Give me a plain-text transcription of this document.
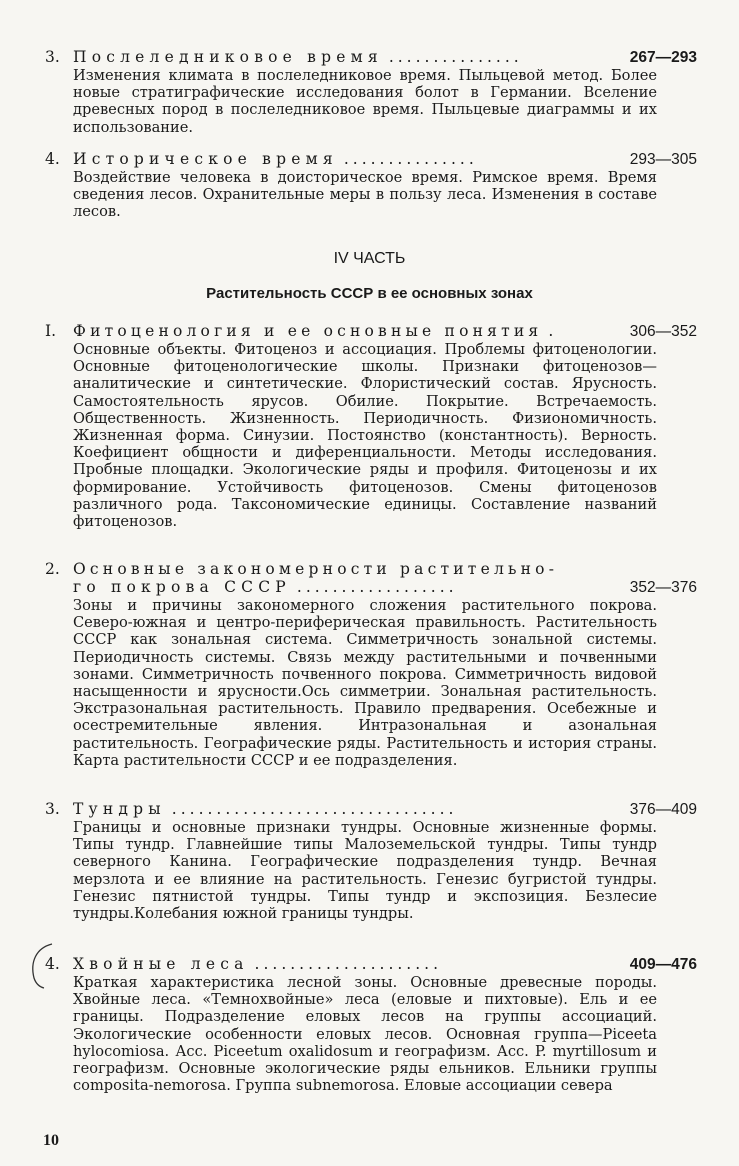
3. Послеледниковое время ...............	267—293

Изменения климата в послеледниковое время. Пыльцевой метод. Более новые стратиграфические исследования болот в Германии. Вселение древесных пород в послеледниковое время. Пыльцевые диаграммы и их использование.

4. Историческое время ...............	293—305

Воздействие человека в доисторическое время. Римское время. Время сведения лесов. Охранительные меры в пользу леса. Изменения в составе лесов.

IV ЧАСТЬ
Растительность СССР в ее основных зонах
I.	Фитоценология и ее основные понятия .	306—352

Основные объекты. Фитоценоз и ассоциация. Проблемы фитоценологии. Основные фитоценологические школы. Признаки фитоценозов—аналитические и синтетические. Флористический состав. Ярусность. Самостоятельность ярусов. Обилие. Покрытие. Встречаемость. Общественность. Жизненность. Периодичность. Физиономичность. Жизненная форма. Синузии. Постоянство (константность). Верность. Коефициент общности и диференциальности. Методы исследования. Пробные площадки. Экологические ряды и профиля. Фитоценозы и их формирование. Устойчивость фитоценозов. Смены фитоценозов различного рода. Таксономические единицы. Составление названий фитоценозов.

2. Основные закономерности растительно-
го покрова СССР ..................	352—376

Зоны и причины закономерного сложения растительного покрова. Северо-южная и центро-периферическая правильность. Растительность СССР как зональная система. Симметричность зональной системы. Периодичность системы. Связь между растительными и почвенными зонами. Симметричность почвенного покрова. Симметричность видовой насыщенности и ярусности.Ось симметрии. Зональная растительность. Экстразональная растительность. Правило предварения. Осебежные и осестремительные явления. Интразональная и азональная растительность. Географические ряды. Растительность и история страны. Карта растительности СССР и ее подразделения.

3. Тундры ................................	376—409

Границы и основные признаки тундры. Основные жизненные формы. Типы тундр. Главнейшие типы Малоземельской тундры. Типы тундр северного Канина. Географические подразделения тундр. Вечная мерзлота и ее влияние на растительность. Генезис бугристой тундры. Генезис пятнистой тундры. Типы тундр и экспозиция. Безлесие тундры.Колебания южной границы тундры.

4. Хвойные леса .....................	409—476

Краткая характеристика лесной зоны. Основные древесные породы. Хвойные леса. «Темнохвойные» леса (еловые и пихтовые). Ель и ее границы. Подразделение еловых лесов на группы ассоциаций. Экологические особенности еловых лесов. Основная группа—Piceeta hylocomiosa. Асс. Piceetum oxalidosum и географизм. Асс. P. myrtillosum и географизм. Основные экологические ряды ельников. Ельники группы composita-nemorosa. Группа subnemorosa. Еловые ассоциации севера

10
